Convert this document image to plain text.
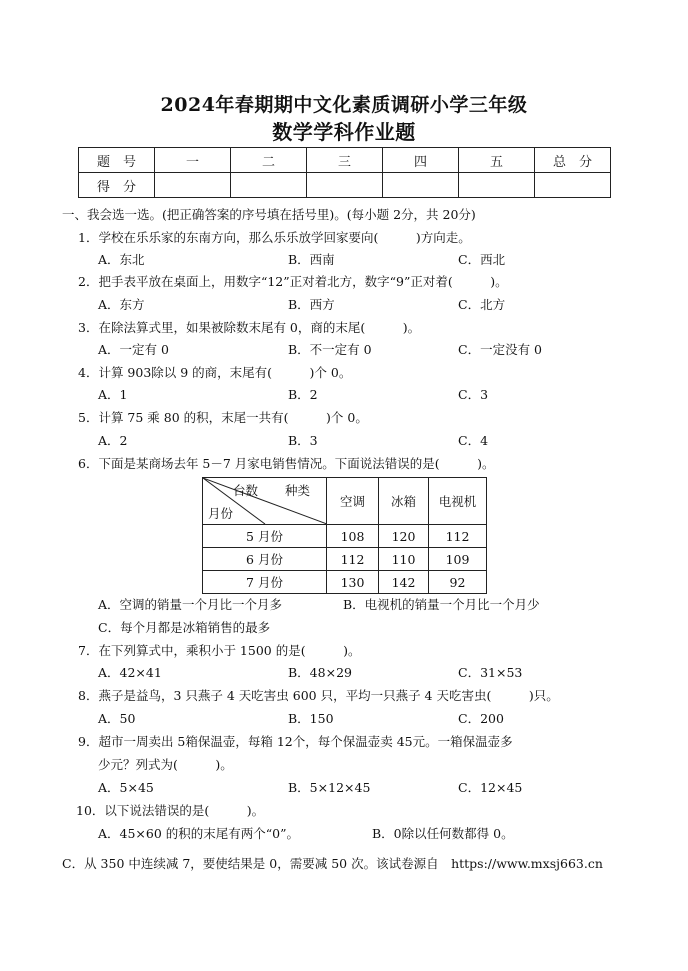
2024年春期期中文化素质调研小学三年级
数学学科作业题
题　号	一	二	三	四	五	总　分
得　分						
一、我会选一选。(把正确答案的序号填在括号里)。(每小题 2分，共 20分)
1．学校在乐乐家的东南方向，那么乐乐放学回家要向(　　　)方向走。
A．东北	B．西南	C．西北
2．把手表平放在桌面上，用数字“12”正对着北方，数字“9”正对着(　　　)。
A．东方	B．西方	C．北方
3．在除法算式里，如果被除数末尾有 0，商的末尾(　　　)。
A．一定有 0	B．不一定有 0	C．一定没有 0
4．计算 903除以 9 的商，末尾有(　　　)个 0。
A．1	B．2	C．3
5．计算 75 乘 80 的积，末尾一共有(　　　)个 0。
A．2	B．3	C．4
6．下面是某商场去年 5－7 月家电销售情况。下面说法错误的是(　　　)。
台数 种类
月份	空调	冰箱	电视机
5 月份	108	120	112
6 月份	112	110	109
7 月份	130	142	92
A．空调的销量一个月比一个月多	B．电视机的销量一个月比一个月少
C．每个月都是冰箱销售的最多
7．在下列算式中，乘积小于 1500 的是(　　　)。
A．42×41	B．48×29	C．31×53
8．燕子是益鸟，3 只燕子 4 天吃害虫 600 只，平均一只燕子 4 天吃害虫(　　　)只。
A．50	B．150	C．200
9．超市一周卖出 5箱保温壶，每箱 12个，每个保温壶卖 45元。一箱保温壶多
少元？列式为(　　　)。
A．5×45	B．5×12×45	C．12×45
10．以下说法错误的是(　　　)。
A．45×60 的积的末尾有两个“0”。	B．0除以任何数都得 0。
C．从 350 中连续减 7，要使结果是 0，需要减 50 次。该试卷源自　https://www.mxsj663.cn
